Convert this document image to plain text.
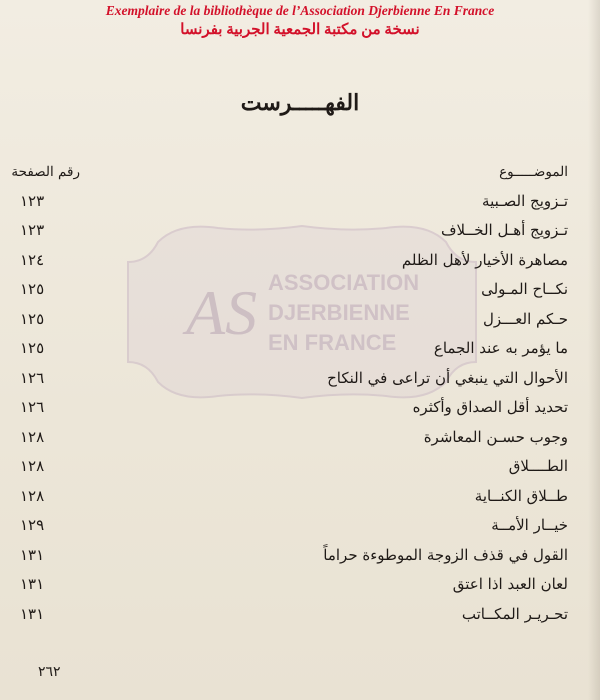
Exemplaire de la bibliothèque de l’Association Djerbienne En France
نسخة من مكتبة الجمعية الجربية بفرنسا
الفهـــــرست
AS ASSOCIATION
DJERBIENNE
EN FRANCE
الموضـــــوع
رقم الصفحة
تـزويج الصـبية
١٢٣
تـزويج أهـل الخــلاف
١٢٣
مصاهرة الأخيار لأهل الظلم
١٢٤
نكــاح المـولى
١٢٥
حـكم العـــزل
١٢٥
ما يؤمر به عند الجماع
١٢٥
الأحوال التي ينبغي أن تراعى في النكاح
١٢٦
تحديد أقل الصداق وأكثره
١٢٦
وجوب حسـن المعاشرة
١٢٨
الطــــلاق
١٢٨
طــلاق الكنــاية
١٢٨
خيــار الأمــة
١٢٩
القول في قذف الزوجة الموطوءة حراماً
١٣١
لعان العبد اذا اعتق
١٣١
تحـريـر المكــاتب
١٣١
٢٦٢
